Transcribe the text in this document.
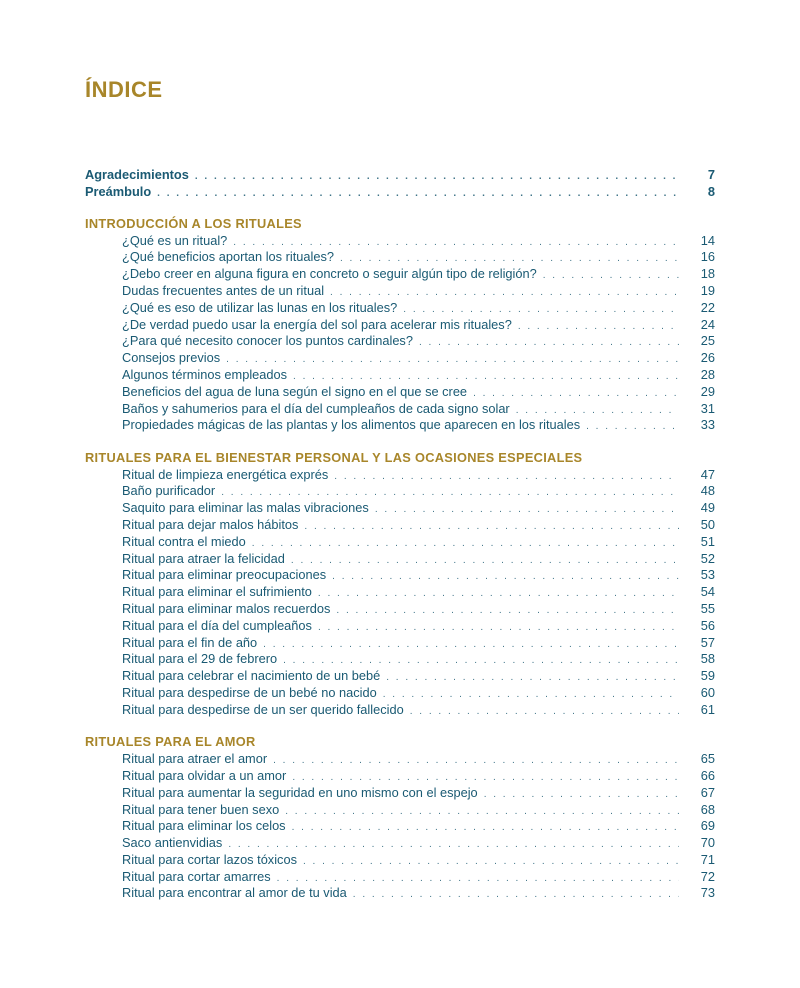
ÍNDICE
Agradecimientos . . .	7
Preámbulo . . .	8
INTRODUCCIÓN A LOS RITUALES
¿Qué es un ritual? . . .	14
¿Qué beneficios aportan los rituales? . . .	16
¿Debo creer en alguna figura en concreto o seguir algún tipo de religión? . . .	18
Dudas frecuentes antes de un ritual . . .	19
¿Qué es eso de utilizar las lunas en los rituales? . . .	22
¿De verdad puedo usar la energía del sol para acelerar mis rituales? . . .	24
¿Para qué necesito conocer los puntos cardinales? . . .	25
Consejos previos . . .	26
Algunos términos empleados . . .	28
Beneficios del agua de luna según el signo en el que se cree . . .	29
Baños y sahumerios para el día del cumpleaños de cada signo solar . . .	31
Propiedades mágicas de las plantas y los alimentos que aparecen en los rituales . . .	33
RITUALES PARA EL BIENESTAR PERSONAL Y LAS OCASIONES ESPECIALES
Ritual de limpieza energética exprés . . .	47
Baño purificador . . .	48
Saquito para eliminar las malas vibraciones . . .	49
Ritual para dejar malos hábitos . . .	50
Ritual contra el miedo . . .	51
Ritual para atraer la felicidad . . .	52
Ritual para eliminar preocupaciones . . .	53
Ritual para eliminar el sufrimiento . . .	54
Ritual para eliminar malos recuerdos . . .	55
Ritual para el día del cumpleaños . . .	56
Ritual para el fin de año . . .	57
Ritual para el 29 de febrero . . .	58
Ritual para celebrar el nacimiento de un bebé . . .	59
Ritual para despedirse de un bebé no nacido . . .	60
Ritual para despedirse de un ser querido fallecido . . .	61
RITUALES PARA EL AMOR
Ritual para atraer el amor . . .	65
Ritual para olvidar a un amor . . .	66
Ritual para aumentar la seguridad en uno mismo con el espejo . . .	67
Ritual para tener buen sexo . . .	68
Ritual para eliminar los celos . . .	69
Saco antienvidias . . .	70
Ritual para cortar lazos tóxicos . . .	71
Ritual para cortar amarres . . .	72
Ritual para encontrar al amor de tu vida . . .	73
